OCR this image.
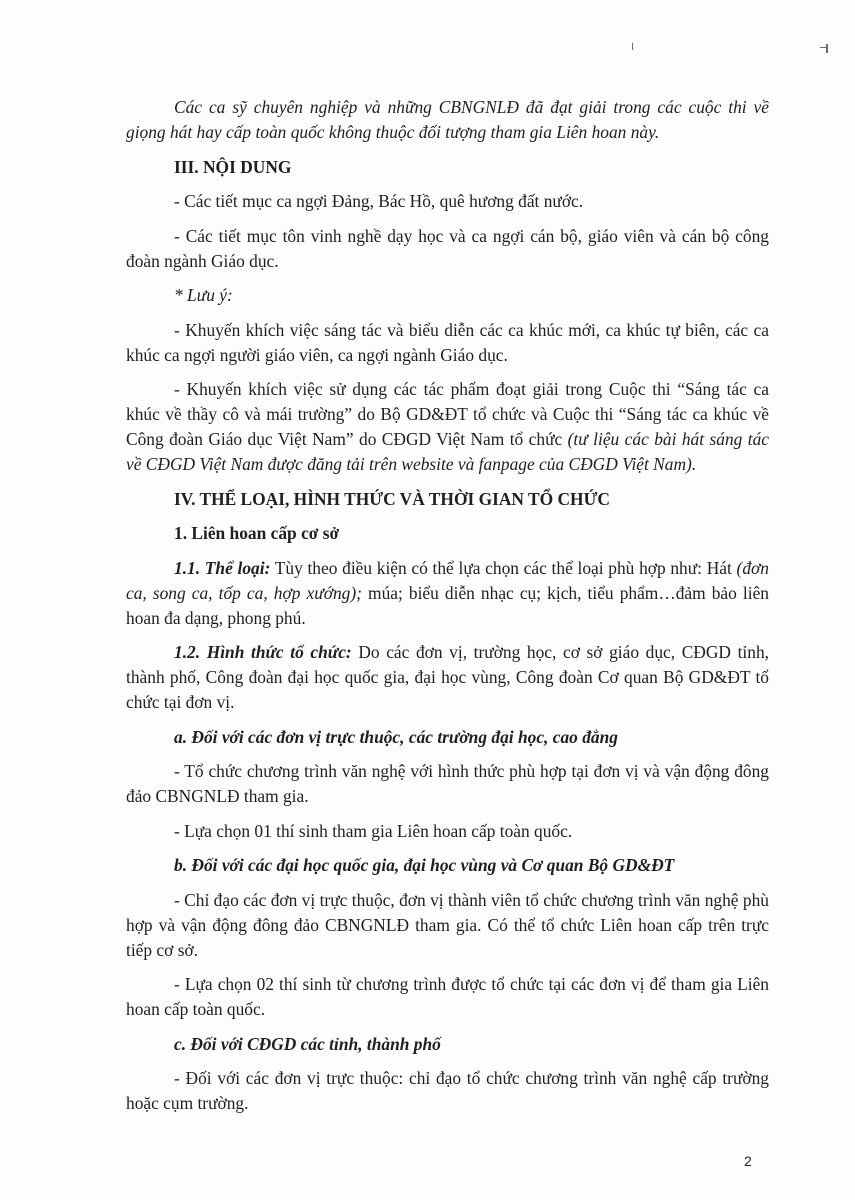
Các ca sỹ chuyên nghiệp và những CBNGNLĐ đã đạt giải trong các cuộc thi về giọng hát hay cấp toàn quốc không thuộc đối tượng tham gia Liên hoan này.

III. NỘI DUNG

- Các tiết mục ca ngợi Đảng, Bác Hồ, quê hương đất nước.

- Các tiết mục tôn vinh nghề dạy học và ca ngợi cán bộ, giáo viên và cán bộ công đoàn ngành Giáo dục.

* Lưu ý:

- Khuyến khích việc sáng tác và biểu diễn các ca khúc mới, ca khúc tự biên, các ca khúc ca ngợi người giáo viên, ca ngợi ngành Giáo dục.

- Khuyến khích việc sử dụng các tác phẩm đoạt giải trong Cuộc thi “Sáng tác ca khúc về thầy cô và mái trường” do Bộ GD&ĐT tổ chức và Cuộc thi “Sáng tác ca khúc về Công đoàn Giáo dục Việt Nam” do CĐGD Việt Nam tổ chức (tư liệu các bài hát sáng tác về CĐGD Việt Nam được đăng tải trên website và fanpage của CĐGD Việt Nam).

IV. THỂ LOẠI, HÌNH THỨC VÀ THỜI GIAN TỔ CHỨC

1. Liên hoan cấp cơ sở

1.1. Thể loại: Tùy theo điều kiện có thể lựa chọn các thể loại phù hợp như: Hát (đơn ca, song ca, tốp ca, hợp xướng); múa; biểu diễn nhạc cụ; kịch, tiểu phẩm…đảm bảo liên hoan đa dạng, phong phú.

1.2. Hình thức tổ chức: Do các đơn vị, trường học, cơ sở giáo dục, CĐGD tỉnh, thành phố, Công đoàn đại học quốc gia, đại học vùng, Công đoàn Cơ quan Bộ GD&ĐT tổ chức tại đơn vị.

a. Đối với các đơn vị trực thuộc, các trường đại học, cao đẳng

- Tổ chức chương trình văn nghệ với hình thức phù hợp tại đơn vị và vận động đông đảo CBNGNLĐ tham gia.

- Lựa chọn 01 thí sinh tham gia Liên hoan cấp toàn quốc.

b. Đối với các đại học quốc gia, đại học vùng và Cơ quan Bộ GD&ĐT

- Chỉ đạo các đơn vị trực thuộc, đơn vị thành viên tổ chức chương trình văn nghệ phù hợp và vận động đông đảo CBNGNLĐ tham gia. Có thể tổ chức Liên hoan cấp trên trực tiếp cơ sở.

- Lựa chọn 02 thí sinh từ chương trình được tổ chức tại các đơn vị để tham gia Liên hoan cấp toàn quốc.

c. Đối với CĐGD các tỉnh, thành phố

- Đối với các đơn vị trực thuộc: chỉ đạo tổ chức chương trình văn nghệ cấp trường hoặc cụm trường.

2
